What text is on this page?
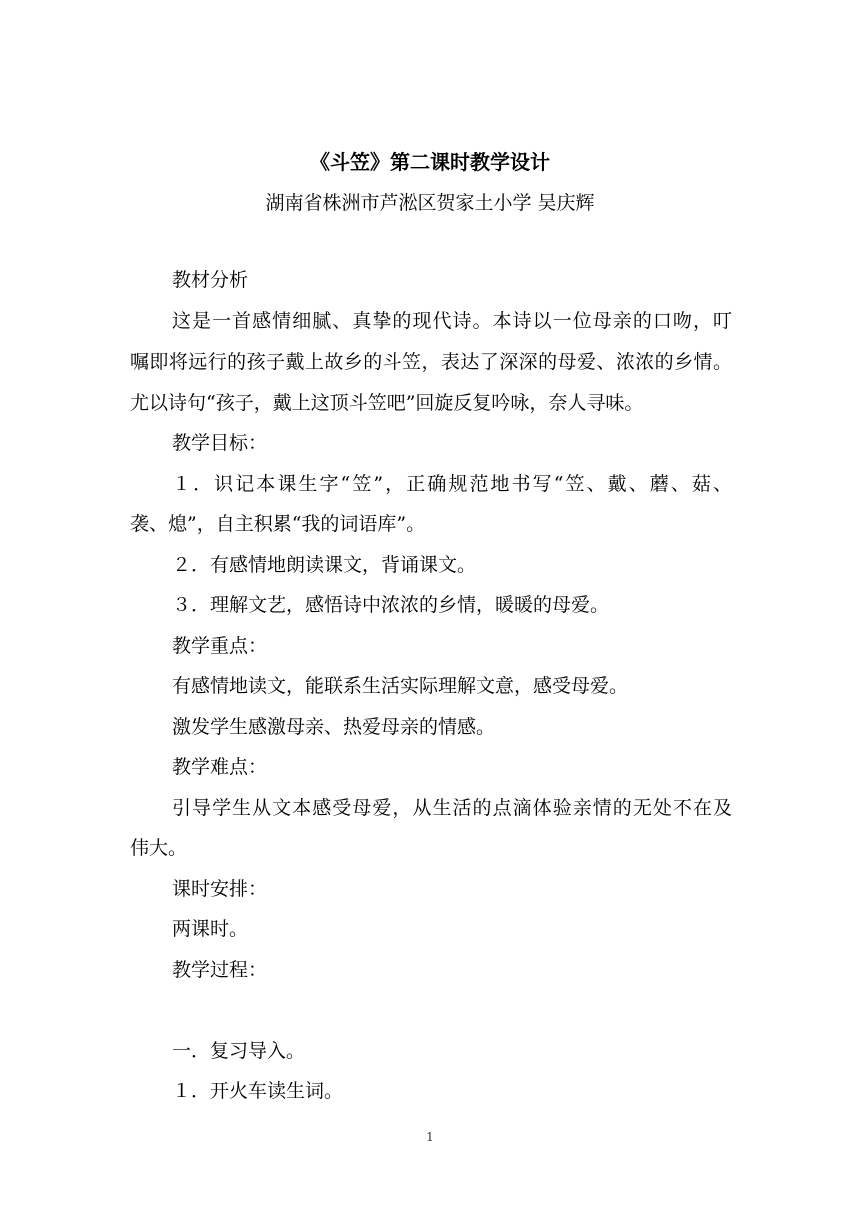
《斗笠》第二课时教学设计
湖南省株洲市芦淞区贺家土小学 吴庆辉
教材分析
这是一首感情细腻、真挚的现代诗。本诗以一位母亲的口吻，叮
嘱即将远行的孩子戴上故乡的斗笠，表达了深深的母爱、浓浓的乡情。
尤以诗句“孩子，戴上这顶斗笠吧”回旋反复吟咏，奈人寻味。
教学目标：
１．识记本课生字“笠”，正确规范地书写“笠、戴、蘑、菇、
袭、熄”，自主积累“我的词语库”。
２．有感情地朗读课文，背诵课文。
３．理解文艺，感悟诗中浓浓的乡情，暖暖的母爱。
教学重点：
有感情地读文，能联系生活实际理解文意，感受母爱。
激发学生感激母亲、热爱母亲的情感。
教学难点：
引导学生从文本感受母爱，从生活的点滴体验亲情的无处不在及
伟大。
课时安排：
两课时。
教学过程：
一．复习导入。
１．开火车读生词。
1
